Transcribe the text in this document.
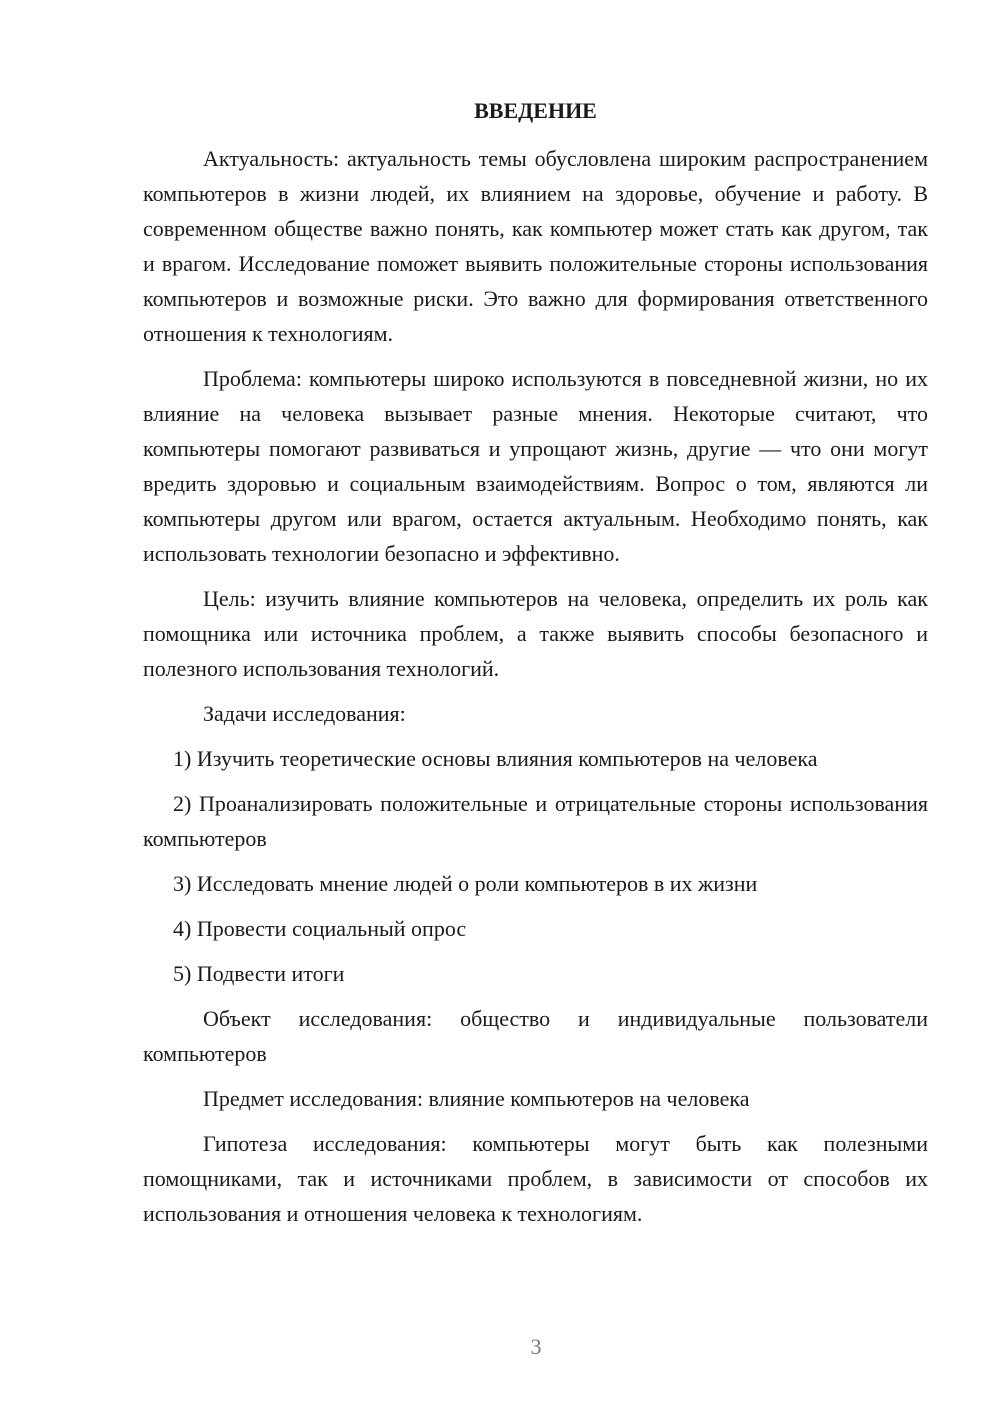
ВВЕДЕНИЕ

Актуальность: актуальность темы обусловлена широким распространением компьютеров в жизни людей, их влиянием на здоровье, обучение и работу. В современном обществе важно понять, как компьютер может стать как другом, так и врагом. Исследование поможет выявить положительные стороны использования компьютеров и возможные риски. Это важно для формирования ответственного отношения к технологиям.

Проблема: компьютеры широко используются в повседневной жизни, но их влияние на человека вызывает разные мнения. Некоторые считают, что компьютеры помогают развиваться и упрощают жизнь, другие — что они могут вредить здоровью и социальным взаимодействиям. Вопрос о том, являются ли компьютеры другом или врагом, остается актуальным. Необходимо понять, как использовать технологии безопасно и эффективно.

Цель: изучить влияние компьютеров на человека, определить их роль как помощника или источника проблем, а также выявить способы безопасного и полезного использования технологий.

Задачи исследования:

1) Изучить теоретические основы влияния компьютеров на человека

2) Проанализировать положительные и отрицательные стороны использования компьютеров

3) Исследовать мнение людей о роли компьютеров в их жизни

4) Провести социальный опрос

5) Подвести итоги

Объект исследования: общество и индивидуальные пользователи компьютеров

Предмет исследования: влияние компьютеров на человека

Гипотеза исследования: компьютеры могут быть как полезными помощниками, так и источниками проблем, в зависимости от способов их использования и отношения человека к технологиям.

3
